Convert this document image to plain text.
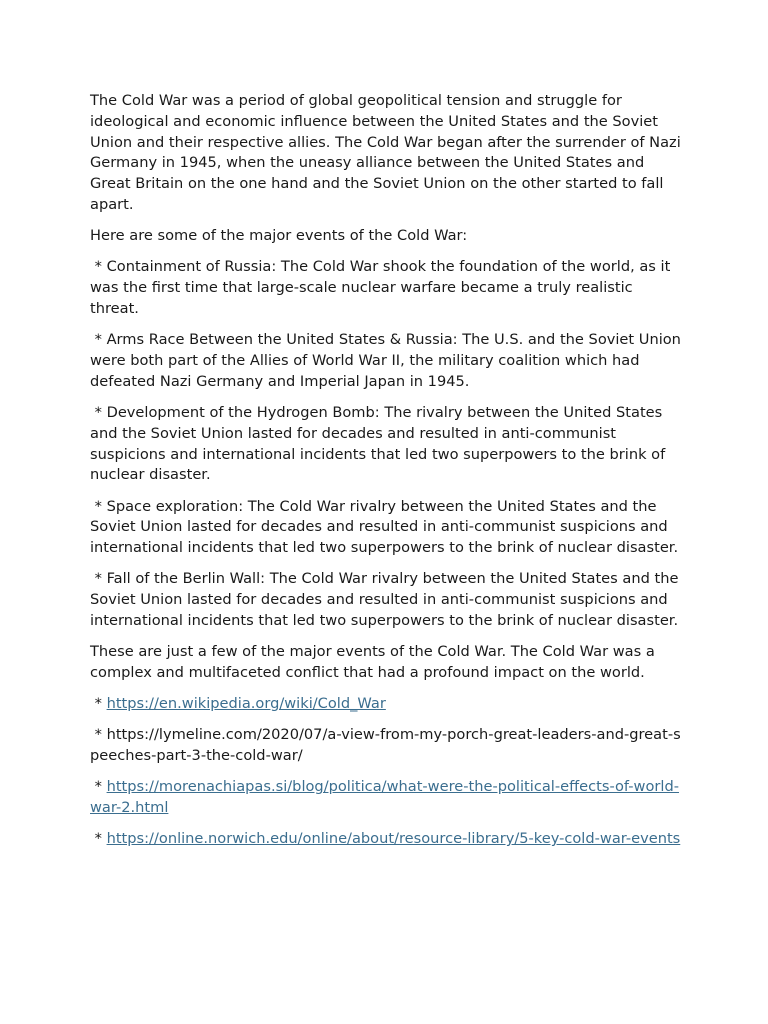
The Cold War was a period of global geopolitical tension and struggle for ideological and economic influence between the United States and the Soviet Union and their respective allies. The Cold War began after the surrender of Nazi Germany in 1945, when the uneasy alliance between the United States and Great Britain on the one hand and the Soviet Union on the other started to fall apart.

Here are some of the major events of the Cold War:

* Containment of Russia: The Cold War shook the foundation of the world, as it was the first time that large-scale nuclear warfare became a truly realistic threat.

* Arms Race Between the United States & Russia: The U.S. and the Soviet Union were both part of the Allies of World War II, the military coalition which had defeated Nazi Germany and Imperial Japan in 1945.

* Development of the Hydrogen Bomb: The rivalry between the United States and the Soviet Union lasted for decades and resulted in anti-communist suspicions and international incidents that led two superpowers to the brink of nuclear disaster.

* Space exploration: The Cold War rivalry between the United States and the Soviet Union lasted for decades and resulted in anti-communist suspicions and international incidents that led two superpowers to the brink of nuclear disaster.

* Fall of the Berlin Wall: The Cold War rivalry between the United States and the Soviet Union lasted for decades and resulted in anti-communist suspicions and international incidents that led two superpowers to the brink of nuclear disaster.

These are just a few of the major events of the Cold War. The Cold War was a complex and multifaceted conflict that had a profound impact on the world.

* https://en.wikipedia.org/wiki/Cold_War

* https://lymeline.com/2020/07/a-view-from-my-porch-great-leaders-and-great-speeches-part-3-the-cold-war/

* https://morenachiapas.si/blog/politica/what-were-the-political-effects-of-world-war-2.html

* https://online.norwich.edu/online/about/resource-library/5-key-cold-war-events
